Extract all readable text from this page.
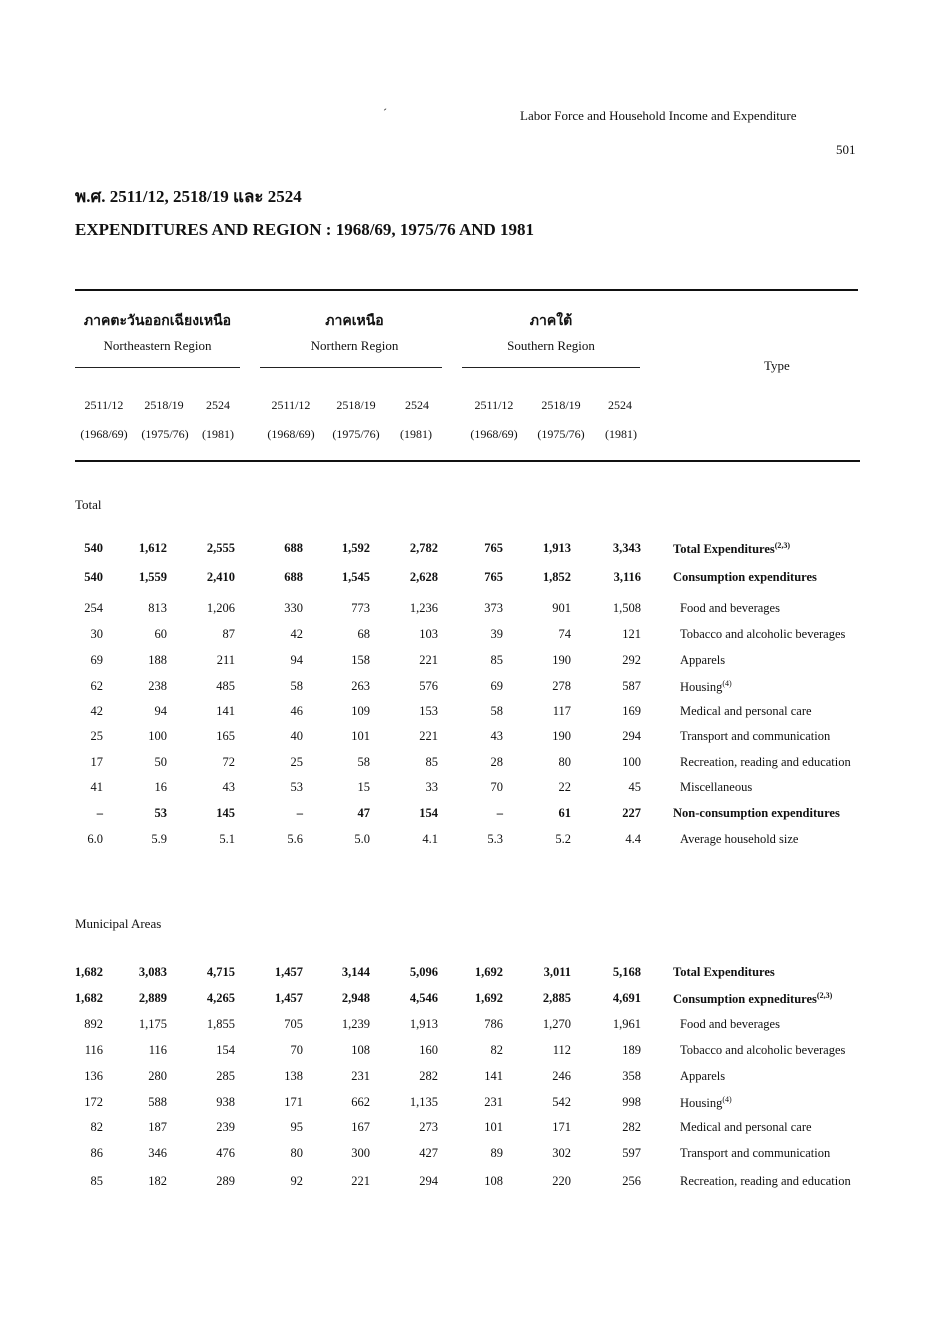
ˊ	Labor Force and Household Income and Expenditure
501
พ.ศ. 2511/12, 2518/19 และ 2524
EXPENDITURES AND REGION : 1968/69, 1975/76 AND 1981
ภาคตะวันออกเฉียงเหนือ
Northeastern Region
ภาคเหนือ
Northern Region
ภาคใต้
Southern Region
Type
2511/12	2518/19	2524
(1968/69)	(1975/76)	(1981)
2511/12	2518/19	2524
(1968/69)	(1975/76)	(1981)
2511/12	2518/19	2524
(1968/69)	(1975/76)	(1981)
Total
Municipal Areas
540	1,612	2,555	688	1,592	2,782	765	1,913	3,343	Total Expenditures$^{(2,3)}$
540	1,559	2,410	688	1,545	2,628	765	1,852	3,116	Consumption expenditures
254	813	1,206	330	773	1,236	373	901	1,508	Food and beverages
30	60	87	42	68	103	39	74	121	Tobacco and alcoholic beverages
69	188	211	94	158	221	85	190	292	Apparels
62	238	485	58	263	576	69	278	587	Housing$^{(4)}$
42	94	141	46	109	153	58	117	169	Medical and personal care
25	100	165	40	101	221	43	190	294	Transport and communication
17	50	72	25	58	85	28	80	100	Recreation, reading and education
41	16	43	53	15	33	70	22	45	Miscellaneous
–	53	145	–	47	154	–	61	227	Non-consumption expenditures
6.0	5.9	5.1	5.6	5.0	4.1	5.3	5.2	4.4	Average household size
1,682	3,083	4,715	1,457	3,144	5,096	1,692	3,011	5,168	Total Expenditures
1,682	2,889	4,265	1,457	2,948	4,546	1,692	2,885	4,691	Consumption expneditures$^{(2,3)}$
892	1,175	1,855	705	1,239	1,913	786	1,270	1,961	Food and beverages
116	116	154	70	108	160	82	112	189	Tobacco and alcoholic beverages
136	280	285	138	231	282	141	246	358	Apparels
172	588	938	171	662	1,135	231	542	998	Housing$^{(4)}$
82	187	239	95	167	273	101	171	282	Medical and personal care
86	346	476	80	300	427	89	302	597	Transport and communication
85	182	289	92	221	294	108	220	256	Recreation, reading and education
